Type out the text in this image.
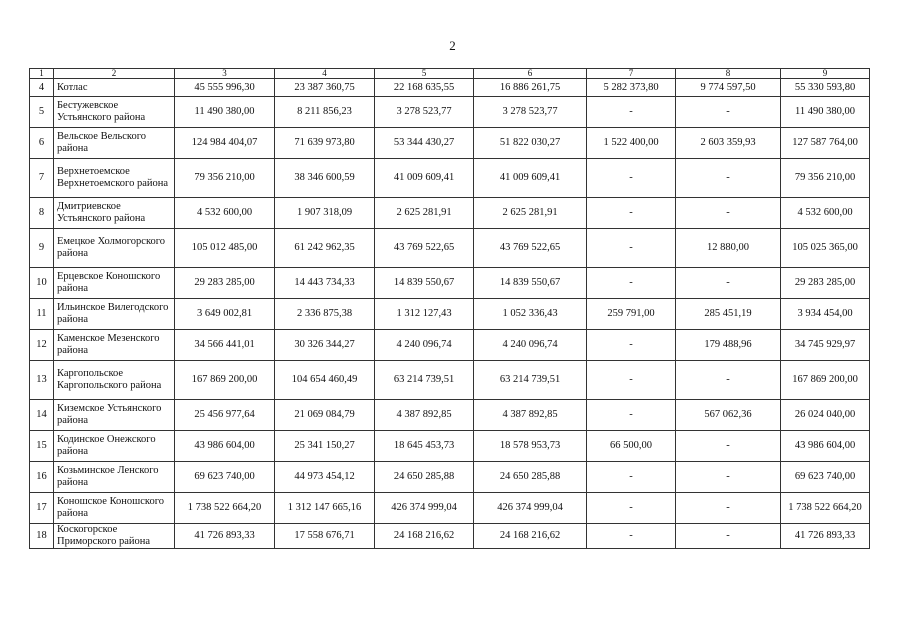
2
1	2	3	4	5	6	7	8	9
4	Котлас	45 555 996,30	23 387 360,75	22 168 635,55	16 886 261,75	5 282 373,80	9 774 597,50	55 330 593,80
5	Бестужевское Устьянского района	11 490 380,00	8 211 856,23	3 278 523,77	3 278 523,77	-	-	11 490 380,00
6	Вельское Вельского района	124 984 404,07	71 639 973,80	53 344 430,27	51 822 030,27	1 522 400,00	2 603 359,93	127 587 764,00
7	Верхнетоемское Верхнетоемского района	79 356 210,00	38 346 600,59	41 009 609,41	41 009 609,41	-	-	79 356 210,00
8	Дмитриевское Устьянского района	4 532 600,00	1 907 318,09	2 625 281,91	2 625 281,91	-	-	4 532 600,00
9	Емецкое Холмогорского района	105 012 485,00	61 242 962,35	43 769 522,65	43 769 522,65	-	12 880,00	105 025 365,00
10	Ерцевское Коношского района	29 283 285,00	14 443 734,33	14 839 550,67	14 839 550,67	-	-	29 283 285,00
11	Ильинское Вилегодского района	3 649 002,81	2 336 875,38	1 312 127,43	1 052 336,43	259 791,00	285 451,19	3 934 454,00
12	Каменское Мезенского района	34 566 441,01	30 326 344,27	4 240 096,74	4 240 096,74	-	179 488,96	34 745 929,97
13	Каргопольское Каргопольского района	167 869 200,00	104 654 460,49	63 214 739,51	63 214 739,51	-	-	167 869 200,00
14	Киземское Устьянского района	25 456 977,64	21 069 084,79	4 387 892,85	4 387 892,85	-	567 062,36	26 024 040,00
15	Кодинское Онежского района	43 986 604,00	25 341 150,27	18 645 453,73	18 578 953,73	66 500,00	-	43 986 604,00
16	Козьминское Ленского района	69 623 740,00	44 973 454,12	24 650 285,88	24 650 285,88	-	-	69 623 740,00
17	Коношское Коношского района	1 738 522 664,20	1 312 147 665,16	426 374 999,04	426 374 999,04	-	-	1 738 522 664,20
18	Коскогорское Приморского района	41 726 893,33	17 558 676,71	24 168 216,62	24 168 216,62	-	-	41 726 893,33
